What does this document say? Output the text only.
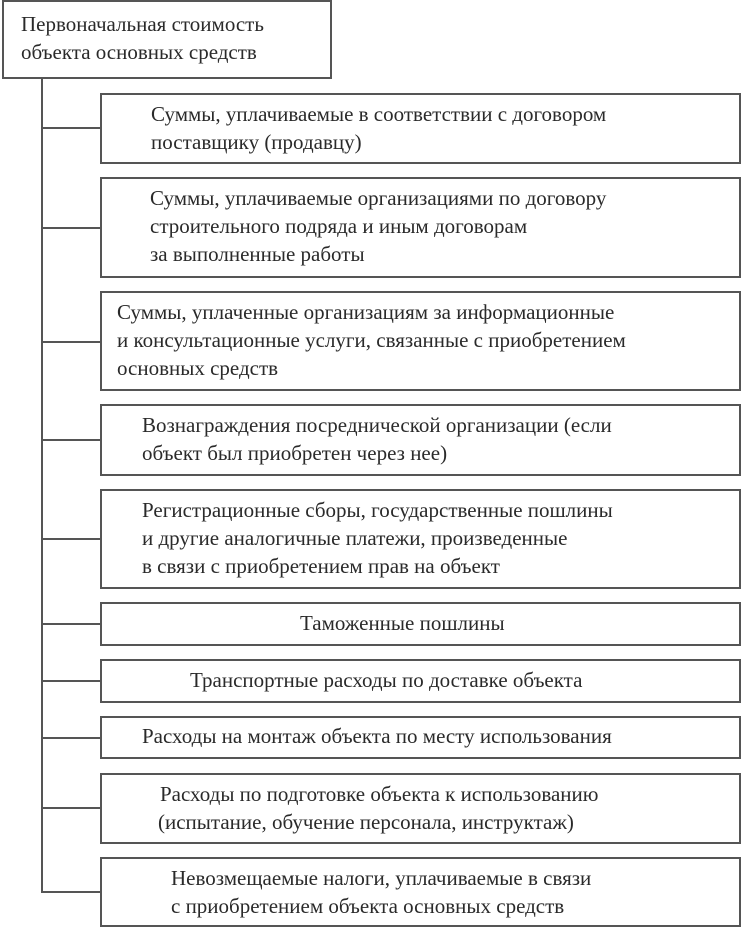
Первоначальная стоимость
объекта основных средств
Суммы, уплачиваемые в соответствии с договором
поставщику (продавцу)
Суммы, уплачиваемые организациями по договору
строительного подряда и иным договорам
за выполненные работы
Суммы, уплаченные организациям за информационные
и консультационные услуги, связанные с приобретением
основных средств
Вознаграждения посреднической организации (если
объект был приобретен через нее)
Регистрационные сборы, государственные пошлины
и другие аналогичные платежи, произведенные
в связи с приобретением прав на объект
Таможенные пошлины
Транспортные расходы по доставке объекта
Расходы на монтаж объекта по месту использования
Расходы по подготовке объекта к использованию
(испытание, обучение персонала, инструктаж)
Невозмещаемые налоги, уплачиваемые в связи
с приобретением объекта основных средств
